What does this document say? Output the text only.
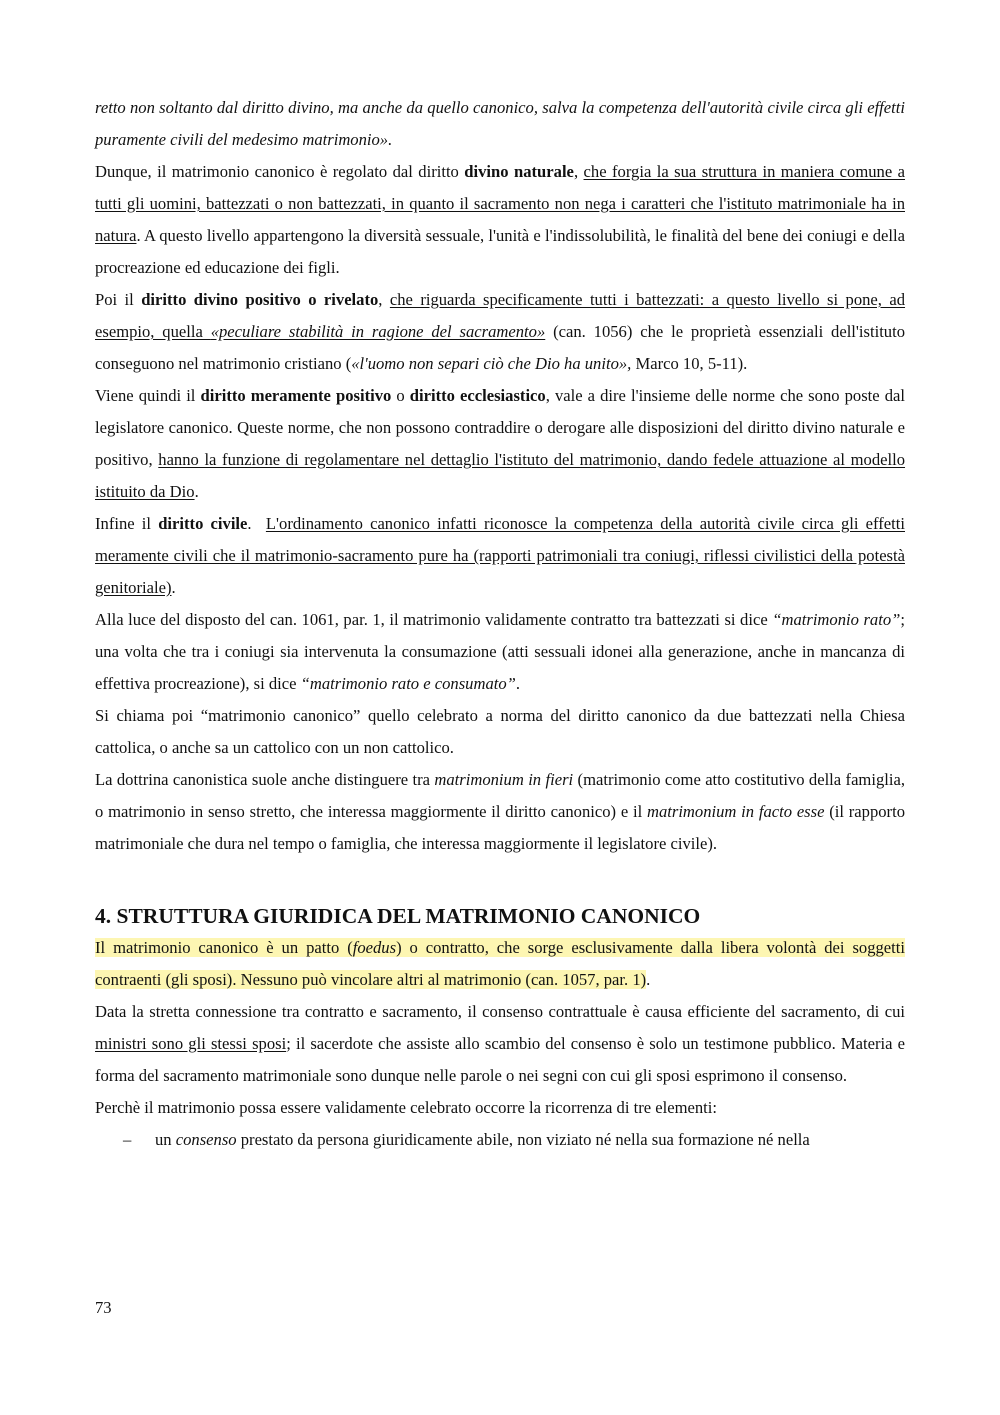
retto non soltanto dal diritto divino, ma anche da quello canonico, salva la competenza dell'autorità civile circa gli effetti puramente civili del medesimo matrimonio».

Dunque, il matrimonio canonico è regolato dal diritto divino naturale, che forgia la sua struttura in maniera comune a tutti gli uomini, battezzati o non battezzati, in quanto il sacramento non nega i caratteri che l'istituto matrimoniale ha in natura. A questo livello appartengono la diversità sessuale, l'unità e l'indissolubilità, le finalità del bene dei coniugi e della procreazione ed educazione dei figli.

Poi il diritto divino positivo o rivelato, che riguarda specificamente tutti i battezzati: a questo livello si pone, ad esempio, quella «peculiare stabilità in ragione del sacramento» (can. 1056) che le proprietà essenziali dell'istituto conseguono nel matrimonio cristiano («l'uomo non separi ciò che Dio ha unito», Marco 10, 5-11).

Viene quindi il diritto meramente positivo o diritto ecclesiastico, vale a dire l'insieme delle norme che sono poste dal legislatore canonico. Queste norme, che non possono contraddire o derogare alle disposizioni del diritto divino naturale e positivo, hanno la funzione di regolamentare nel dettaglio l'istituto del matrimonio, dando fedele attuazione al modello istituito da Dio.

Infine il diritto civile.  L'ordinamento canonico infatti riconosce la competenza della autorità civile circa gli effetti meramente civili che il matrimonio-sacramento pure ha (rapporti patrimoniali tra coniugi, riflessi civilistici della potestà genitoriale).

Alla luce del disposto del can. 1061, par. 1, il matrimonio validamente contratto tra battezzati si dice “matrimonio rato”; una volta che tra i coniugi sia intervenuta la consumazione (atti sessuali idonei alla generazione, anche in mancanza di effettiva procreazione), si dice “matrimonio rato e consumato”.

Si chiama poi “matrimonio canonico” quello celebrato a norma del diritto canonico da due battezzati nella Chiesa cattolica, o anche sa un cattolico con un non cattolico.

La dottrina canonistica suole anche distinguere tra matrimonium in fieri (matrimonio come atto costitutivo della famiglia, o matrimonio in senso stretto, che interessa maggiormente il diritto canonico) e il matrimonium in facto esse (il rapporto matrimoniale che dura nel tempo o famiglia, che interessa maggiormente il legislatore civile).

4. STRUTTURA GIURIDICA DEL MATRIMONIO CANONICO

Il matrimonio canonico è un patto (foedus) o contratto, che sorge esclusivamente dalla libera volontà dei soggetti contraenti (gli sposi). Nessuno può vincolare altri al matrimonio (can. 1057, par. 1).

Data la stretta connessione tra contratto e sacramento, il consenso contrattuale è causa efficiente del sacramento, di cui ministri sono gli stessi sposi; il sacerdote che assiste allo scambio del consenso è solo un testimone pubblico. Materia e forma del sacramento matrimoniale sono dunque nelle parole o nei segni con cui gli sposi esprimono il consenso.

Perchè il matrimonio possa essere validamente celebrato occorre la ricorrenza di tre elementi:

– un consenso prestato da persona giuridicamente abile, non viziato né nella sua formazione né nella

73
